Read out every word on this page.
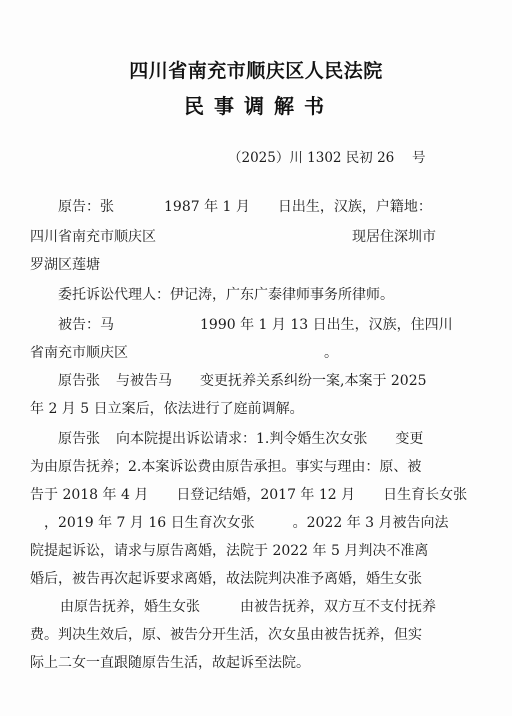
四川省南充市顺庆区人民法院
民事调解书
（2025）川 1302 民初 26　 号
原告：张	1987 年 1 月 日出生，汉族，户籍地：
四川省南充市顺庆区	现居住深圳市
罗湖区莲塘
委托诉讼代理人：伊记涛，广东广泰律师事务所律师。
被告：马	1990 年 1 月 13 日出生，汉族，住四川
省南充市顺庆区	。
原告张 与被告马 变更抚养关系纠纷一案,本案于 2025
年 2 月 5 日立案后，依法进行了庭前调解。
原告张 向本院提出诉讼请求：1.判令婚生次女张 变更
为由原告抚养；2.本案诉讼费由原告承担。事实与理由：原、被
告于 2018 年 4 月 日登记结婚，2017 年 12 月 日生育长女张
，2019 年 7 月 16 日生育次女张	。2022 年 3 月被告向法
院提起诉讼，请求与原告离婚，法院于 2022 年 5 月判决不准离
婚后，被告再次起诉要求离婚，故法院判决准予离婚，婚生女张
由原告抚养，婚生女张	由被告抚养，双方互不支付抚养
费。判决生效后，原、被告分开生活，次女虽由被告抚养，但实
际上二女一直跟随原告生活，故起诉至法院。
